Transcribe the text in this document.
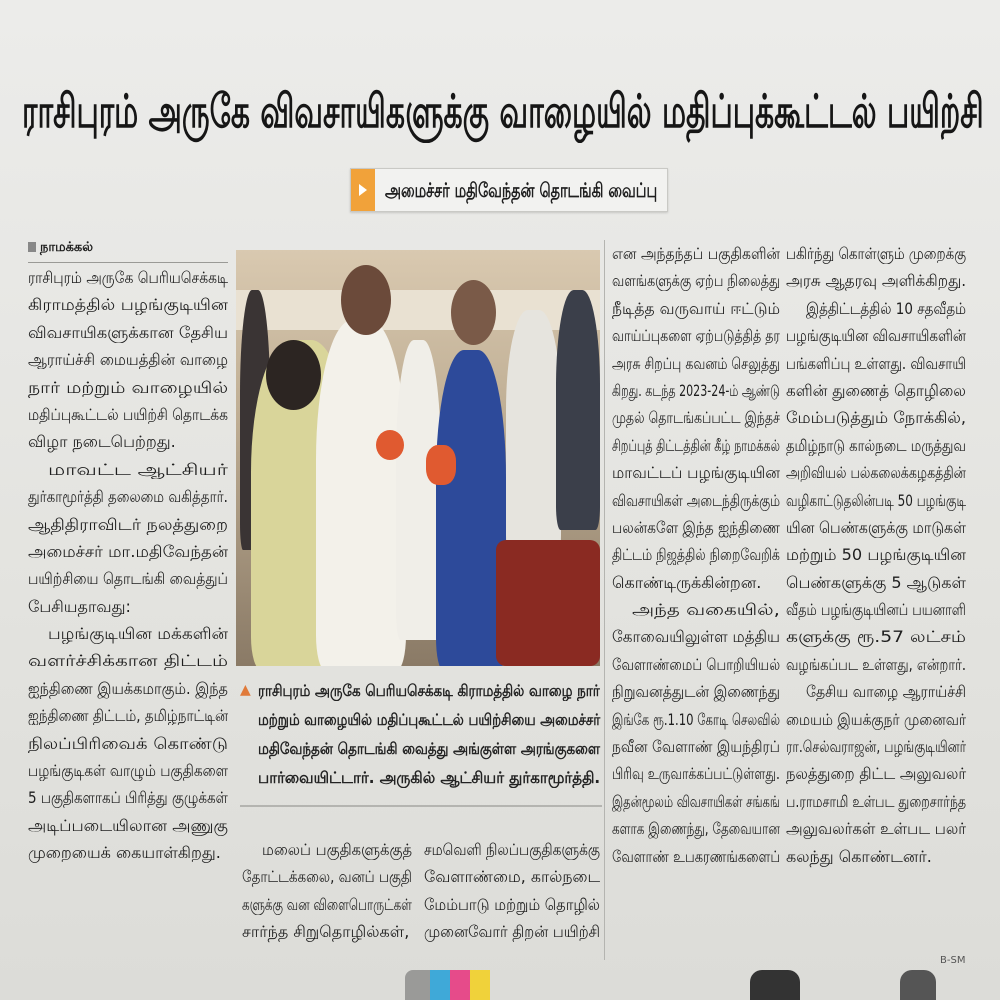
ராசிபுரம் அருகே விவசாயிகளுக்கு வாழையில் மதிப்புக்கூட்டல் பயிற்சி
அமைச்சர் மதிவேந்தன் தொடங்கி வைப்பு
நாமக்கல்
ராசிபுரம் அருகே பெரியசெக்கடி
கிராமத்தில் பழங்குடியின
விவசாயிகளுக்கான தேசிய
ஆராய்ச்சி மையத்தின் வாழை
நார் மற்றும் வாழையில்
மதிப்புகூட்டல் பயிற்சி தொடக்க
விழா நடைபெற்றது.
மாவட்ட ஆட்சியர்
துர்காமூர்த்தி தலைமை வகித்தார்.
ஆதிதிராவிடர் நலத்துறை
அமைச்சர் மா.மதிவேந்தன்
பயிற்சியை தொடங்கி வைத்துப்
பேசியதாவது:
பழங்குடியின மக்களின்
வளர்ச்சிக்கான திட்டம்
ஐந்திணை இயக்கமாகும். இந்த
ஐந்திணை திட்டம், தமிழ்நாட்டின்
நிலப்பிரிவைக் கொண்டு
பழங்குடிகள் வாழும் பகுதிகளை
5 பகுதிகளாகப் பிரித்து குழுக்கள்
அடிப்படையிலான அணுகு
முறையைக் கையாள்கிறது.
▲ ராசிபுரம் அருகே பெரியசெக்கடி கிராமத்தில் வாழை நார்
மற்றும் வாழையில் மதிப்புகூட்டல் பயிற்சியை அமைச்சர்
மதிவேந்தன் தொடங்கி வைத்து அங்குள்ள அரங்குகளை
பார்வையிட்டார். அருகில் ஆட்சியர் துர்காமூர்த்தி.
மலைப் பகுதிகளுக்குத்
தோட்டக்கலை, வனப் பகுதி
களுக்கு வன விளைபொருட்கள்
சார்ந்த சிறுதொழில்கள்,
சமவெளி நிலப்பகுதிகளுக்கு
வேளாண்மை, கால்நடை
மேம்பாடு மற்றும் தொழில்
முனைவோர் திறன் பயிற்சி
என அந்தந்தப் பகுதிகளின்
வளங்களுக்கு ஏற்ப நிலைத்து
நீடித்த வருவாய் ஈட்டும்
வாய்ப்புகளை ஏற்படுத்தித் தர
அரசு சிறப்பு கவனம் செலுத்து
கிறது. கடந்த 2023-24-ம் ஆண்டு
முதல் தொடங்கப்பட்ட இந்தச்
சிறப்புத் திட்டத்தின் கீழ் நாமக்கல்
மாவட்டப் பழங்குடியின
விவசாயிகள் அடைந்திருக்கும்
பலன்களே இந்த ஐந்திணை
திட்டம் நிஜத்தில் நிறைவேறிக்
கொண்டிருக்கின்றன.
அந்த வகையில்,
கோவையிலுள்ள மத்திய
வேளாண்மைப் பொறியியல்
நிறுவனத்துடன் இணைந்து
இங்கே ரூ.1.10 கோடி செலவில்
நவீன வேளாண் இயந்திரப்
பிரிவு உருவாக்கப்பட்டுள்ளது.
இதன்மூலம் விவசாயிகள் சங்கங்
களாக இணைந்து, தேவையான
வேளாண் உபகரணங்களைப்
பகிர்ந்து கொள்ளும் முறைக்கு
அரசு ஆதரவு அளிக்கிறது.
இத்திட்டத்தில் 10 சதவீதம்
பழங்குடியின விவசாயிகளின்
பங்களிப்பு உள்ளது. விவசாயி
களின் துணைத் தொழிலை
மேம்படுத்தும் நோக்கில்,
தமிழ்நாடு கால்நடை மருத்துவ
அறிவியல் பல்கலைக்கழகத்தின்
வழிகாட்டுதலின்படி 50 பழங்குடி
யின பெண்களுக்கு மாடுகள்
மற்றும் 50 பழங்குடியின
பெண்களுக்கு 5 ஆடுகள்
வீதம் பழங்குடியினப் பயனாளி
களுக்கு ரூ.57 லட்சம்
வழங்கப்பட உள்ளது, என்றார்.
தேசிய வாழை ஆராய்ச்சி
மையம் இயக்குநர் முனைவர்
ரா.செல்வராஜன், பழங்குடியினர்
நலத்துறை திட்ட அலுவலர்
ப.ராமசாமி உள்பட துறைசார்ந்த
அலுவலர்கள் உள்பட பலர்
கலந்து கொண்டனர்.
B-SM
